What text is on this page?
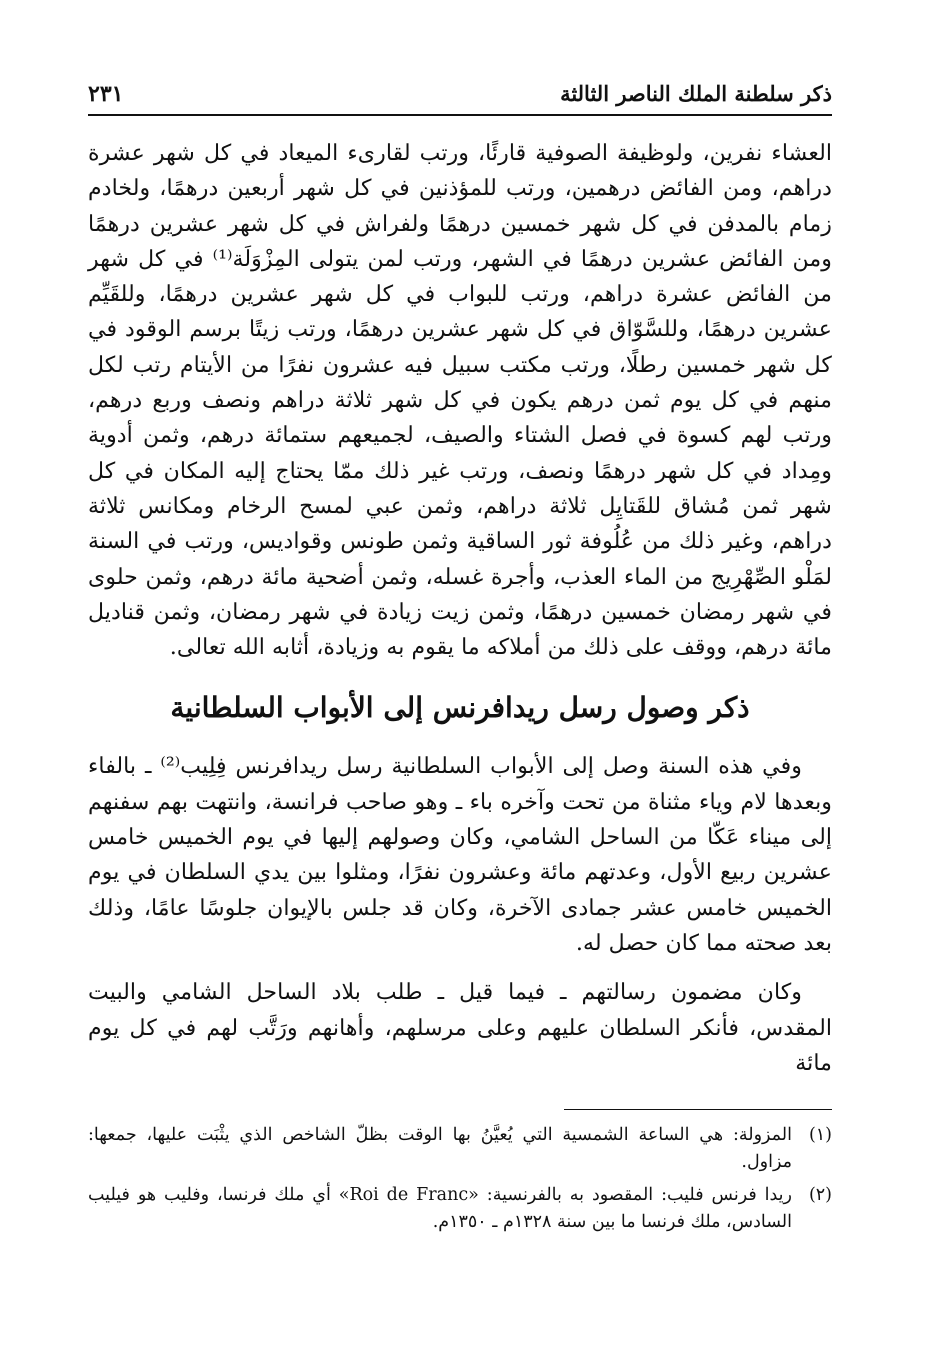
ذكر سلطنة الملك الناصر الثالثة
٢٣١

العشاء نفرين، ولوظيفة الصوفية قارئًا، ورتب لقارىء الميعاد في كل شهر عشرة دراهم، ومن الفائض درهمين، ورتب للمؤذنين في كل شهر أربعين درهمًا، ولخادم زمام بالمدفن في كل شهر خمسين درهمًا ولفراش في كل شهر عشرين درهمًا ومن الفائض عشرين درهمًا في الشهر، ورتب لمن يتولى المِزْوَلَة⁽¹⁾ في كل شهر من الفائض عشرة دراهم، ورتب للبواب في كل شهر عشرين درهمًا، وللقَيِّم عشرين درهمًا، وللسَّوّاق في كل شهر عشرين درهمًا، ورتب زيتًا برسم الوقود في كل شهر خمسين رطلًا، ورتب مكتب سبيل فيه عشرون نفرًا من الأيتام رتب لكل منهم في كل يوم ثمن درهم يكون في كل شهر ثلاثة دراهم ونصف وربع درهم، ورتب لهم كسوة في فصل الشتاء والصيف، لجميعهم ستمائة درهم، وثمن أدوية ومِداد في كل شهر درهمًا ونصف، ورتب غير ذلك ممّا يحتاج إليه المكان في كل شهر ثمن مُشاق للقَتايِل ثلاثة دراهم، وثمن عبي لمسح الرخام ومكانس ثلاثة دراهم، وغير ذلك من عُلُوفة ثور الساقية وثمن طونس وقواديس، ورتب في السنة لمَلْو الصِّهْرِيج من الماء العذب، وأجرة غسله، وثمن أضحية مائة درهم، وثمن حلوى في شهر رمضان خمسين درهمًا، وثمن زيت زيادة في شهر رمضان، وثمن قناديل مائة درهم، ووقف على ذلك من أملاكه ما يقوم به وزيادة، أثابه الله تعالى.

ذكر وصول رسل ريدافرنس إلى الأبواب السلطانية

وفي هذه السنة وصل إلى الأبواب السلطانية رسل ريدافرنس فِلِيب⁽²⁾ ـ بالفاء وبعدها لام وياء مثناة من تحت وآخره باء ـ وهو صاحب فرانسة، وانتهت بهم سفنهم إلى ميناء عَكّا من الساحل الشامي، وكان وصولهم إليها في يوم الخميس خامس عشرين ربيع الأول، وعدتهم مائة وعشرون نفرًا، ومثلوا بين يدي السلطان في يوم الخميس خامس عشر جمادى الآخرة، وكان قد جلس بالإيوان جلوسًا عامًا، وذلك بعد صحته مما كان حصل له.

وكان مضمون رسالتهم ـ فيما قيل ـ طلب بلاد الساحل الشامي والبيت المقدس، فأنكر السلطان عليهم وعلى مرسلهم، وأهانهم ورَتَّب لهم في كل يوم مائة

(١)
المزولة: هي الساعة الشمسية التي يُعيَّنُ بها الوقت بظلّ الشاخص الذي يثْبَت عليها، جمعها: مزاول.
(٢)
ريدا فرنس فليب: المقصود به بالفرنسية: «Roi de Franc» أي ملك فرنسا، وفليب هو فيليب السادس، ملك فرنسا ما بين سنة ١٣٢٨م ـ ١٣٥٠م.
